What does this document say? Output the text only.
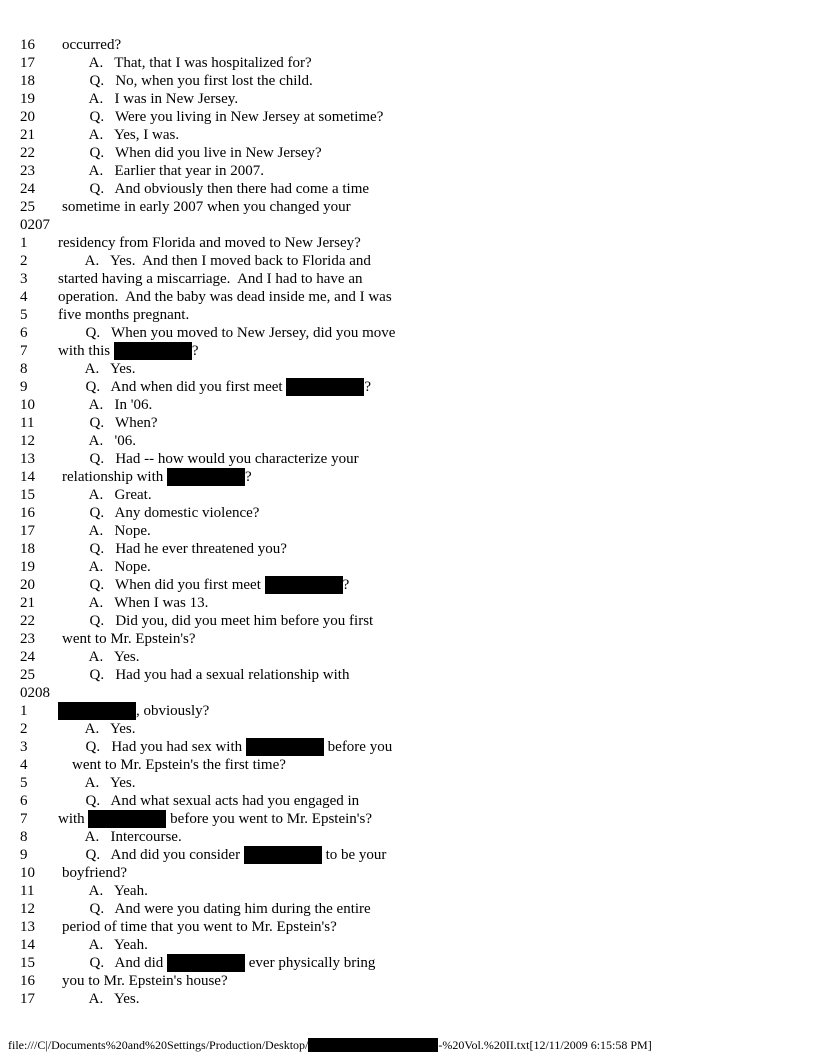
16 occurred?
17	A.   That, that I was hospitalized for?
18	Q.   No, when you first lost the child.
19	A.   I was in New Jersey.
20	Q.   Were you living in New Jersey at sometime?
21	A.   Yes, I was.
22	Q.   When did you live in New Jersey?
23	A.   Earlier that year in 2007.
24	Q.   And obviously then there had come a time
25 sometime in early 2007 when you changed your
0207
1 residency from Florida and moved to New Jersey?
2	A.   Yes.  And then I moved back to Florida and
3 started having a miscarriage.  And I had to have an
4 operation.  And the baby was dead inside me, and I was
5 five months pregnant.
6	Q.   When you moved to New Jersey, did you move
7 with this	?
8	A.   Yes.
9	Q.   And when did you first meet	?
10	A.   In '06.
11	Q.   When?
12	A.   '06.
13	Q.   Had -- how would you characterize your
14 relationship with	?
15	A.   Great.
16	Q.   Any domestic violence?
17	A.   Nope.
18	Q.   Had he ever threatened you?
19	A.   Nope.
20	Q.   When did you first meet	?
21	A.   When I was 13.
22	Q.   Did you, did you meet him before you first
23 went to Mr. Epstein's?
24	A.   Yes.
25	Q.   Had you had a sexual relationship with
0208
1	, obviously?
2	A.   Yes.
3	Q.   Had you had sex with	before you
4	went to Mr. Epstein's the first time?
5	A.   Yes.
6	Q.   And what sexual acts had you engaged in
7 with	before you went to Mr. Epstein's?
8	A.   Intercourse.
9	Q.   And did you consider	to be your
10 boyfriend?
11	A.   Yeah.
12	Q.   And were you dating him during the entire
13 period of time that you went to Mr. Epstein's?
14	A.   Yeah.
15	Q.   And did	ever physically bring
16 you to Mr. Epstein's house?
17	A.   Yes.
file:///C|/Documents%20and%20Settings/Production/Desktop/	-%20Vol.%20II.txt[12/11/2009 6:15:58 PM]
